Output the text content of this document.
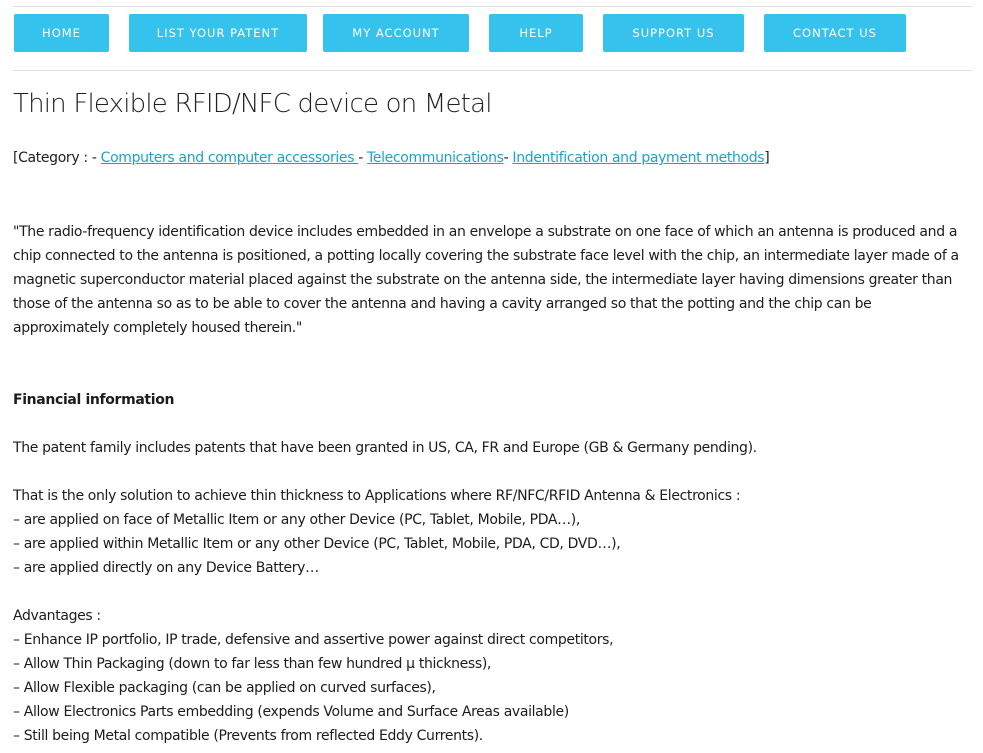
HOME	LIST YOUR PATENT	MY ACCOUNT	HELP	SUPPORT US	CONTACT US
Thin Flexible RFID/NFC device on Metal
[Category : - Computers and computer accessories - Telecommunications- Indentification and payment methods]

"The radio-frequency identification device includes embedded in an envelope a substrate on one face of which an antenna is produced and a chip connected to the antenna is positioned, a potting locally covering the substrate face level with the chip, an intermediate layer made of a magnetic superconductor material placed against the substrate on the antenna side, the intermediate layer having dimensions greater than those of the antenna so as to be able to cover the antenna and having a cavity arranged so that the potting and the chip can be approximately completely housed therein."

Financial information
The patent family includes patents that have been granted in US, CA, FR and Europe (GB & Germany pending).
That is the only solution to achieve thin thickness to Applications where RF/NFC/RFID Antenna & Electronics :
– are applied on face of Metallic Item or any other Device (PC, Tablet, Mobile, PDA…),
– are applied within Metallic Item or any other Device (PC, Tablet, Mobile, PDA, CD, DVD…),
– are applied directly on any Device Battery…
Advantages :
– Enhance IP portfolio, IP trade, defensive and assertive power against direct competitors,
– Allow Thin Packaging (down to far less than few hundred μ thickness),
– Allow Flexible packaging (can be applied on curved surfaces),
– Allow Electronics Parts embedding (expends Volume and Surface Areas available)
– Still being Metal compatible (Prevents from reflected Eddy Currents).
